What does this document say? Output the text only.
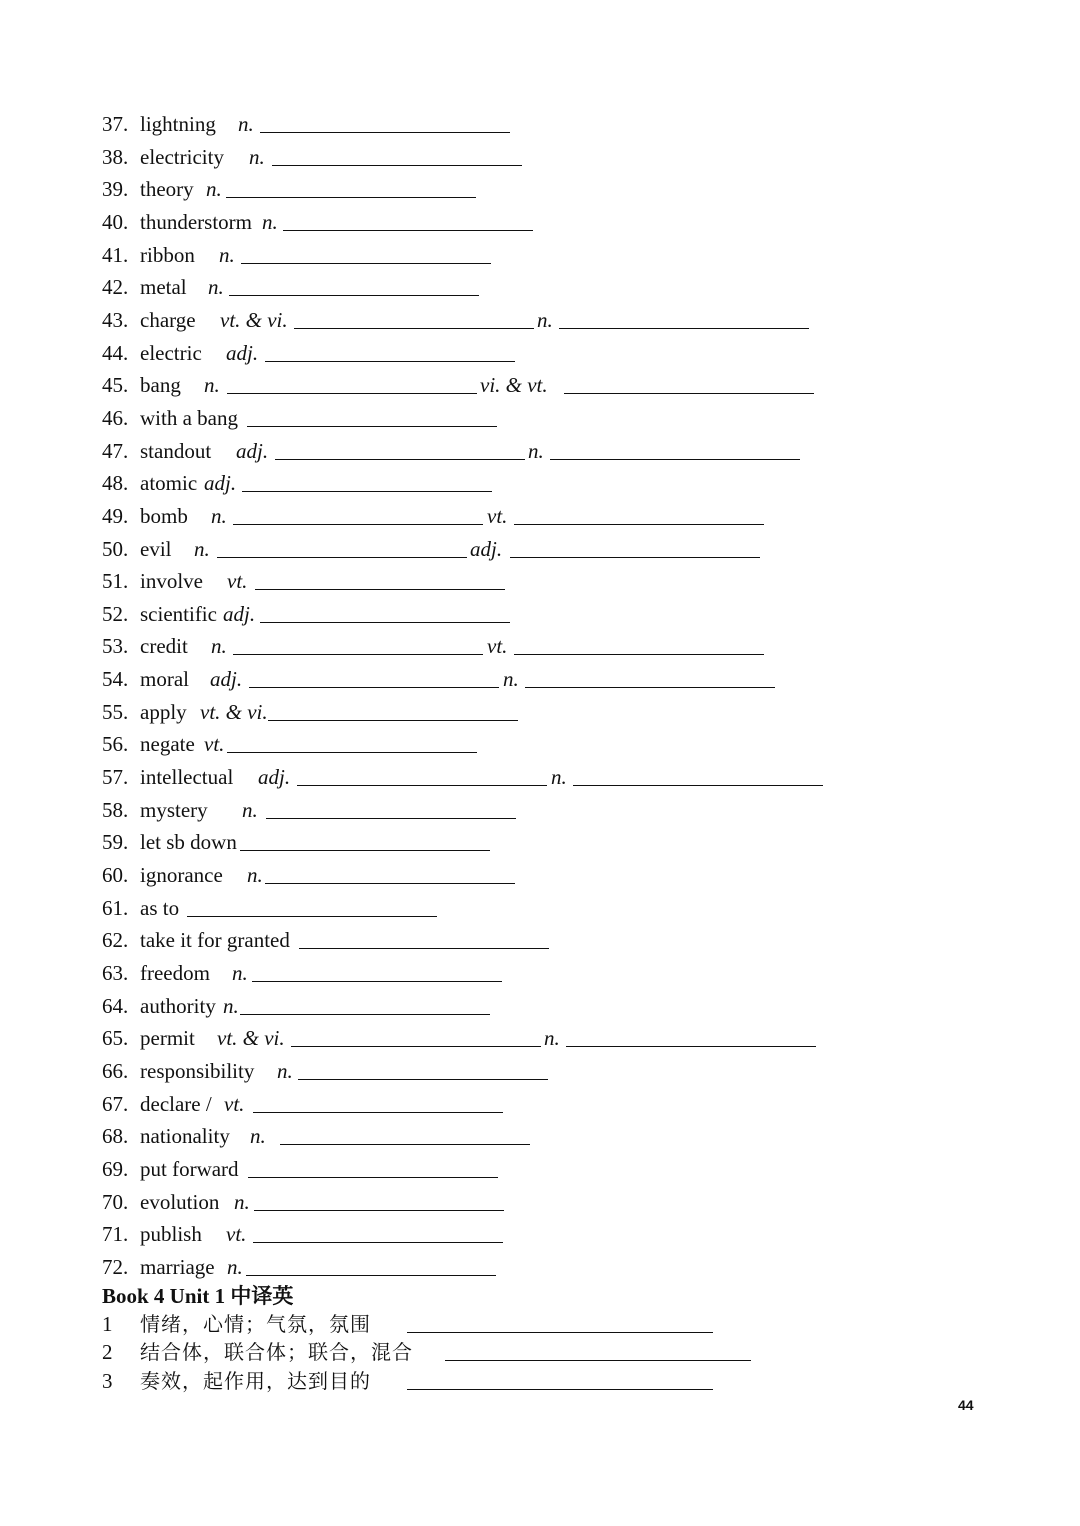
37. lightning n.
38. electricity n.
39. theory n.
40. thunderstorm n.
41. ribbon n.
42. metal n.
43. charge vt. & vi.	n.
44. electric adj.
45. bang n.	vi. & vt.
46. with a bang
47. standout adj.	n.
48. atomic adj.
49. bomb n.	vt.
50. evil n.	adj.
51. involve vt.
52. scientific adj.
53. credit n.	vt.
54. moral adj.	n.
55. apply vt. & vi.
56. negate vt.
57. intellectual adj.	n.
58. mystery n.
59. let sb down
60. ignorance n.
61. as to
62. take it for granted
63. freedom n.
64. authority n.
65. permit vt. & vi.	n.
66. responsibility n.
67. declare / vt.
68. nationality n.
69. put forward
70. evolution n.
71. publish vt.
72. marriage n.
Book 4 Unit 1 中译英
1 情绪，心情；气氛，氛围
2 结合体，联合体；联合，混合
3 奏效，起作用，达到目的
44
